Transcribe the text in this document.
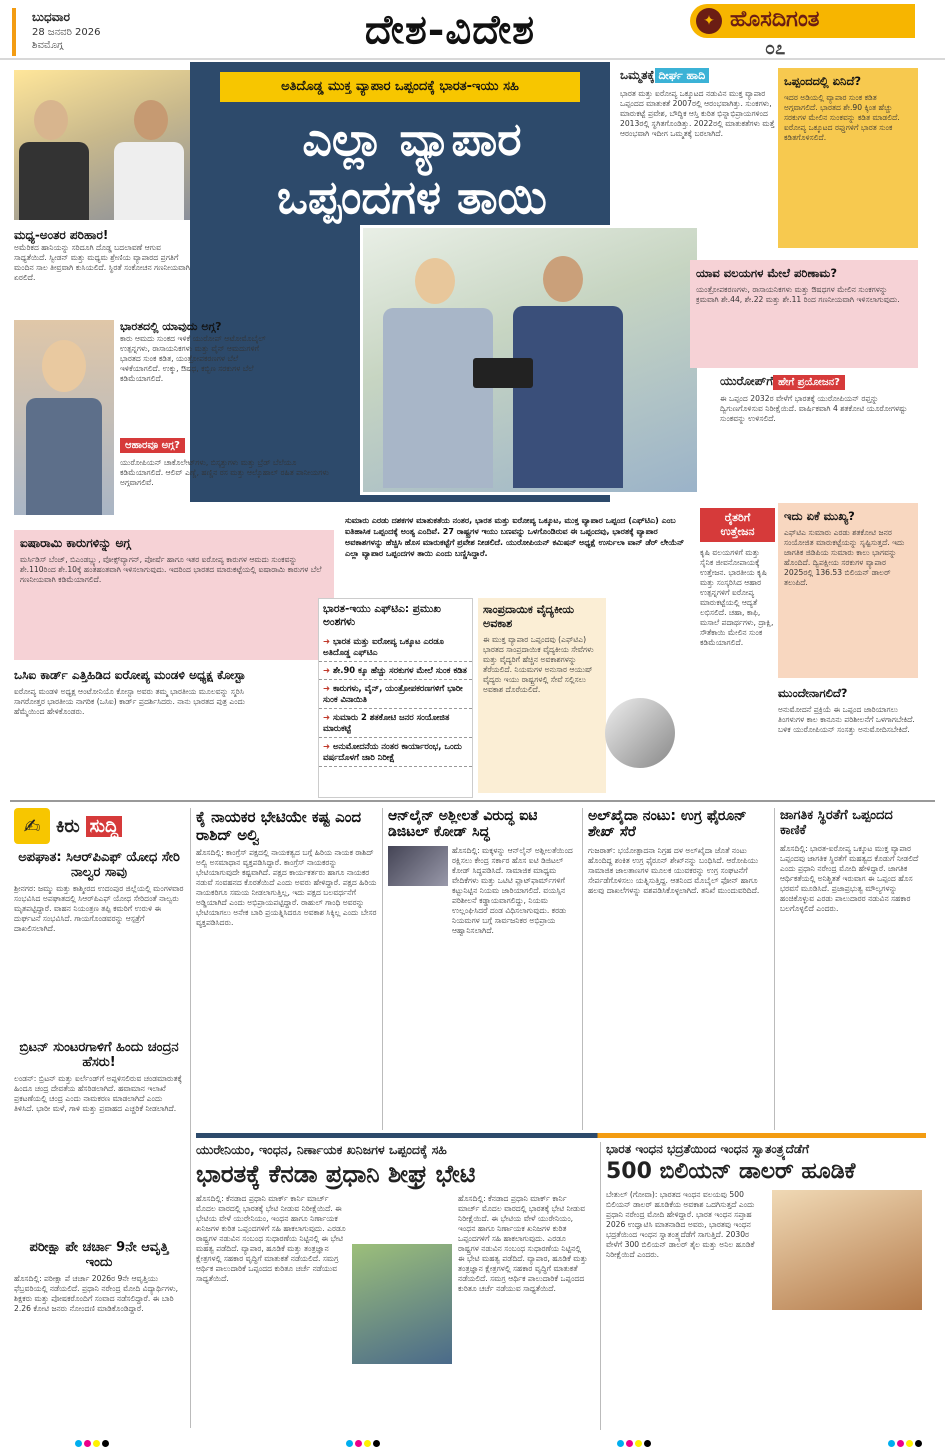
ಬುಧವಾರ
28 ಜನವರಿ 2026
ಶಿವಮೊಗ್ಗ	ದೇಶ-ವಿದೇಶ	✦ ಹೊಸದಿಗಂತ
೦೭
ಅತಿದೊಡ್ಡ ಮುಕ್ತ ವ್ಯಾಪಾರ ಒಪ್ಪಂದಕ್ಕೆ ಭಾರತ-ಇಯು ಸಹಿ
ಎಲ್ಲಾ ವ್ಯಾಪಾರ
ಒಪ್ಪಂದಗಳ ತಾಯಿ
ಸುಮಾರು ಎರಡು ದಶಕಗಳ ಮಾತುಕತೆಯ ನಂತರ, ಭಾರತ ಮತ್ತು ಐರೋಪ್ಯ ಒಕ್ಕೂಟ, ಮುಕ್ತ ವ್ಯಾಪಾರ ಒಪ್ಪಂದ (ಎಫ್‌ಟಿಎ) ಎಂಬ ಐತಿಹಾಸಿಕ ಒಪ್ಪಂದಕ್ಕೆ ಅಂತ್ಯ ಎಂದಿವೆ. 27 ರಾಷ್ಟ್ರಗಳ ಇಯು ಬಣವನ್ನು ಒಳಗೊಂಡಿರುವ ಈ ಒಪ್ಪಂದವು, ಭಾರತಕ್ಕೆ ವ್ಯಾಪಾರ ಅವಕಾಶಗಳನ್ನು ಹೆಚ್ಚಿಸಿ ಹೊಸ ಮಾರುಕಟ್ಟೆಗೆ ಪ್ರವೇಶ ನೀಡಲಿದೆ. ಯುರೋಪಿಯನ್ ಕಮಿಷನ್ ಅಧ್ಯಕ್ಷೆ ಉರ್ಸುಲಾ ವಾನ್ ಡೆರ್ ಲೇಯೆನ್ ಎಲ್ಲಾ ವ್ಯಾಪಾರ ಒಪ್ಪಂದಗಳ ತಾಯಿ ಎಂದು ಬಣ್ಣಿಸಿದ್ದಾರೆ.
ಮಧ್ಯ-ಅಂತರ ಪರಿಹಾರ!
ಅಮೆರಿಕದ ಹಾನಿಯನ್ನು ಸರಿದೂಗಿ ದೊಡ್ಡ ಬದಲಾವಣೆ ಆಗುವ ಸಾಧ್ಯತೆಯಿದೆ. ಸ್ವೀಡನ್ ಮತ್ತು ಮಧ್ಯಮ ಶ್ರೇಣಿಯ ವ್ಯಾಪಾರದ ಪ್ರಗತಿಗೆ ಮಂದಿನ ಸಾಲ ತೀವ್ರವಾಗಿ ಕುಸಿಯಲಿದೆ. ಸ್ಥಿರತೆ ಸಂಕೋಚನ ಗಣನೀಯವಾಗಿ ಏರಲಿದೆ.
ಭಾರತದಲ್ಲಿ ಯಾವುದು ಅಗ್ಗ?
ಕಾರು ಆಮದು ಸುಂಕದ ಇಳಿಕೆ ಯುರೋಪ್ ಆಟೋಮೊಬೈಲ್ ಉತ್ಪನ್ನಗಳು, ರಾಸಾಯನಿಕಗಳು ಮತ್ತು ವೈನ್ ಆಮದುಗಳಿಗೆ ಭಾರತದ ಸುಂಕ ಕಡಿತ, ಯಂತ್ರೋಪಕರಣಗಳ ಬೆಲೆ ಇಳಿಕೆಯಾಗಲಿದೆ. ಉಕ್ಕು, ಔಷಧ, ಕಬ್ಬಿಣ ಸರಕುಗಳ ಬೆಲೆ ಕಡಿಮೆಯಾಗಲಿದೆ.
ಆಹಾರವೂ ಅಗ್ಗ?
ಯುರೋಪಿಯನ್ ಚಾಕೊಲೇಟ್‌ಗಳು, ಬಿಸ್ಕತ್ತುಗಳು ಮತ್ತು ಬ್ರೆಡ್ ಬೆಲೆಯೂ ಕಡಿಮೆಯಾಗಲಿದೆ. ಆಲಿವ್ ಎಣ್ಣೆ, ಹಣ್ಣಿನ ರಸ ಮತ್ತು ಆಲ್ಕೊಹಾಲ್ ರಹಿತ ಪಾನೀಯಗಳು ಅಗ್ಗವಾಗಲಿವೆ.
ಐಷಾರಾಮಿ ಕಾರುಗಳಿನ್ನು ಅಗ್ಗ
ಮರ್ಸಿಡಿಸ್ ಬೆಂಜ್, ಬಿಎಂಡಬ್ಲ್ಯು, ವೋಕ್ಸ್‌ವ್ಯಾಗನ್, ಪೋರ್ಷೆ ಹಾಗೂ ಇತರ ಐರೋಪ್ಯ ಕಾರುಗಳ ಆಮದು ಸುಂಕವನ್ನು ಶೇ.110ರಿಂದ ಶೇ.10ಕ್ಕೆ ಹಂತಹಂತವಾಗಿ ಇಳಿಸಲಾಗುವುದು. ಇದರಿಂದ ಭಾರತದ ಮಾರುಕಟ್ಟೆಯಲ್ಲಿ ಐಷಾರಾಮಿ ಕಾರುಗಳ ಬೆಲೆ ಗಣನೀಯವಾಗಿ ಕಡಿಮೆಯಾಗಲಿದೆ.
ಒಸಿಐ ಕಾರ್ಡ್ ಎತ್ತಿಹಿಡಿದ ಐರೋಪ್ಯ ಮಂಡಳಿ ಅಧ್ಯಕ್ಷ ಕೋಸ್ಟಾ
ಐರೋಪ್ಯ ಮಂಡಳಿ ಅಧ್ಯಕ್ಷ ಆಂಟೋನಿಯೊ ಕೋಸ್ಟಾ ಅವರು ತಮ್ಮ ಭಾರತೀಯ ಮೂಲವನ್ನು ಸ್ಮರಿಸಿ ಸಾಗರೋತ್ತರ ಭಾರತೀಯ ನಾಗರಿಕ (ಒಸಿಐ) ಕಾರ್ಡ್ ಪ್ರದರ್ಶಿಸಿದರು. ನಾನು ಭಾರತದ ಪುತ್ರ ಎಂದು ಹೆಮ್ಮೆಯಿಂದ ಹೇಳಿಕೊಂಡರು.
ಭಾರತ-ಇಯು ಎಫ್‌ಟಿಎ: ಪ್ರಮುಖ ಅಂಶಗಳು
➜ ಭಾರತ ಮತ್ತು ಐರೋಪ್ಯ ಒಕ್ಕೂಟ ಎರಡೂ ಅತಿದೊಡ್ಡ ಎಫ್‌ಟಿಎ
➜ ಶೇ.90 ಕ್ಕೂ ಹೆಚ್ಚು ಸರಕುಗಳ ಮೇಲೆ ಸುಂಕ ಕಡಿತ
➜ ಕಾರುಗಳು, ವೈನ್, ಯಂತ್ರೋಪಕರಣಗಳಿಗೆ ಭಾರೀ ಸುಂಕ ವಿನಾಯಿತಿ
➜ ಸುಮಾರು 2 ಶತಕೋಟಿ ಜನರ ಸಂಯೋಜಿತ ಮಾರುಕಟ್ಟೆ
➜ ಅನುಮೋದನೆಯ ನಂತರ ಕಾರ್ಯಾರಂಭ, ಒಂದು ವರ್ಷದೊಳಗೆ ಜಾರಿ ನಿರೀಕ್ಷೆ
ಸಾಂಪ್ರದಾಯಿಕ ವೈದ್ಯಕೀಯ ಅವಕಾಶ
ಈ ಮುಕ್ತ ವ್ಯಾಪಾರ ಒಪ್ಪಂದವು (ಎಫ್‌ಟಿಎ) ಭಾರತದ ಸಾಂಪ್ರದಾಯಿಕ ವೈದ್ಯಕೀಯ ಸೇವೆಗಳು ಮತ್ತು ವೈದ್ಯರಿಗೆ ಹೆಚ್ಚಿನ ಅವಕಾಶಗಳನ್ನು ತೆರೆಯಲಿದೆ. ನಿಯಮಗಳ ಅನುಸಾರ ಆಯುಷ್ ವೈದ್ಯರು ಇಯು ರಾಷ್ಟ್ರಗಳಲ್ಲಿ ಸೇವೆ ಸಲ್ಲಿಸಲು ಅವಕಾಶ ದೊರೆಯಲಿದೆ.
ರೈತರಿಗೆ
ಉತ್ತೇಜನ
ಕೃಷಿ ವಲಯಗಳಿಗೆ ಮತ್ತು ಸೈನಿಕ ಜೀವನೋಪಾಯಕ್ಕೆ ಉತ್ತೇಜನ. ಭಾರತೀಯ ಕೃಷಿ ಮತ್ತು ಸಂಸ್ಕರಿಸಿದ ಆಹಾರ ಉತ್ಪನ್ನಗಳಿಗೆ ಐರೋಪ್ಯ ಮಾರುಕಟ್ಟೆಯಲ್ಲಿ ಆದ್ಯತೆ ಲಭಿಸಲಿದೆ. ಚಹಾ, ಕಾಫಿ, ಮಸಾಲೆ ಪದಾರ್ಥಗಳು, ದ್ರಾಕ್ಷಿ, ಸೌತೆಕಾಯಿ ಮೇಲಿನ ಸುಂಕ ಕಡಿಮೆಯಾಗಲಿದೆ.
ಒಮ್ಮತಕ್ಕೆ ದೀರ್ಘ ಹಾದಿ
ಭಾರತ ಮತ್ತು ಐರೋಪ್ಯ ಒಕ್ಕೂಟದ ನಡುವಿನ ಮುಕ್ತ ವ್ಯಾಪಾರ ಒಪ್ಪಂದದ ಮಾತುಕತೆ 2007ರಲ್ಲಿ ಆರಂಭವಾಗಿತ್ತು. ಸುಂಕಗಳು, ಮಾರುಕಟ್ಟೆ ಪ್ರವೇಶ, ಬೌದ್ಧಿಕ ಆಸ್ತಿ ಕುರಿತ ಭಿನ್ನಾಭಿಪ್ರಾಯಗಳಿಂದ 2013ರಲ್ಲಿ ಸ್ಥಗಿತಗೊಂಡಿತ್ತು. 2022ರಲ್ಲಿ ಮಾತುಕತೆಗಳು ಮತ್ತೆ ಆರಂಭವಾಗಿ ಇದೀಗ ಒಮ್ಮತಕ್ಕೆ ಬರಲಾಗಿದೆ.
ಒಪ್ಪಂದದಲ್ಲಿ ಏನಿದೆ?
ಇದರ ಅಡಿಯಲ್ಲಿ ವ್ಯಾಪಾರ ಸುಂಕ ಕಡಿತ ಅಗ್ಗವಾಗಲಿದೆ. ಭಾರತದ ಶೇ.90 ಕ್ಕಿಂತ ಹೆಚ್ಚು ಸರಕುಗಳ ಮೇಲಿನ ಸುಂಕವನ್ನು ಕಡಿತ ಮಾಡಲಿದೆ. ಐರೋಪ್ಯ ಒಕ್ಕೂಟದ ರಫ್ತುಗಳಿಗೆ ಭಾರತ ಸುಂಕ ಕಡಿತಗೊಳಿಸಲಿದೆ.
ಯಾವ ವಲಯಗಳ ಮೇಲೆ ಪರಿಣಾಮ?
ಯಂತ್ರೋಪಕರಣಗಳು, ರಾಸಾಯನಿಕಗಳು ಮತ್ತು ಔಷಧಗಳ ಮೇಲಿನ ಸುಂಕಗಳನ್ನು ಕ್ರಮವಾಗಿ ಶೇ.44, ಶೇ.22 ಮತ್ತು ಶೇ.11 ರಿಂದ ಗಣನೀಯವಾಗಿ ಇಳಿಸಲಾಗುವುದು.
ಯುರೋಪ್‌ಗೆ ಹೇಗೆ ಪ್ರಯೋಜನ?
ಈ ಒಪ್ಪಂದ 2032ರ ವೇಳೆಗೆ ಭಾರತಕ್ಕೆ ಯುರೋಪಿಯನ್ ರಫ್ತನ್ನು ದ್ವಿಗುಣಗೊಳಿಸುವ ನಿರೀಕ್ಷೆಯಿದೆ. ವಾರ್ಷಿಕವಾಗಿ 4 ಶತಕೋಟಿ ಯೂರೋಗಳಷ್ಟು ಸುಂಕವನ್ನು ಉಳಿಸಲಿದೆ.
ಇದು ಏಕೆ ಮುಖ್ಯ?
ಎಫ್‌ಟಿಎ ಸುಮಾರು ಎರಡು ಶತಕೋಟಿ ಜನರ ಸಂಯೋಜಿತ ಮಾರುಕಟ್ಟೆಯನ್ನು ಸೃಷ್ಟಿಸುತ್ತದೆ. ಇದು ಜಾಗತಿಕ ಜಿಡಿಪಿಯ ಸುಮಾರು ಕಾಲು ಭಾಗವನ್ನು ಹೊಂದಿದೆ. ದ್ವಿಪಕ್ಷೀಯ ಸರಕುಗಳ ವ್ಯಾಪಾರ 2025ರಲ್ಲಿ 136.53 ಬಿಲಿಯನ್ ಡಾಲರ್ ತಲುಪಿದೆ.
ಮುಂದೇನಾಗಲಿದೆ?
ಅನುಮೋದನೆ ಪ್ರಕ್ರಿಯೆ ಈ ಒಪ್ಪಂದ ಜಾರಿಯಾಗಲು ತಿಂಗಳುಗಳ ಕಾಲ ಕಾನೂನು ಪರಿಶೀಲನೆಗೆ ಒಳಗಾಗಬೇಕಿದೆ. ಬಳಿಕ ಯುರೋಪಿಯನ್ ಸಂಸತ್ತು ಅನುಮೋದಿಸಬೇಕಿದೆ.
✍ ಕಿರು ಸುದ್ದಿ
ಅಪಘಾತ: ಸಿಆರ್‌ಪಿಎಫ್ ಯೋಧ ಸೇರಿ ನಾಲ್ವರ ಸಾವು
ಶ್ರೀನಗರ: ಜಮ್ಮು ಮತ್ತು ಕಾಶ್ಮೀರದ ಉದಂಪುರ ಜಿಲ್ಲೆಯಲ್ಲಿ ಮಂಗಳವಾರ ಸಂಭವಿಸಿದ ಅಪಘಾತದಲ್ಲಿ ಸಿಆರ್‌ಪಿಎಫ್ ಯೋಧ ಸೇರಿದಂತೆ ನಾಲ್ವರು ಮೃತಪಟ್ಟಿದ್ದಾರೆ. ವಾಹನ ನಿಯಂತ್ರಣ ತಪ್ಪಿ ಕಮರಿಗೆ ಉರುಳಿ ಈ ದುರ್ಘಟನೆ ಸಂಭವಿಸಿದೆ. ಗಾಯಗೊಂಡವರನ್ನು ಆಸ್ಪತ್ರೆಗೆ ದಾಖಲಿಸಲಾಗಿದೆ.
ಬ್ರಿಟನ್ ಸುಂಟರಗಾಳಿಗೆ ಹಿಂದು ಚಂದ್ರನ ಹೆಸರು!
ಲಂಡನ್: ಬ್ರಿಟನ್ ಮತ್ತು ಐರ್ಲೆಂಡ್‌ಗೆ ಅಪ್ಪಳಿಸಲಿರುವ ಚಂಡಮಾರುತಕ್ಕೆ ಹಿಂದೂ ಚಂದ್ರ ದೇವತೆಯ ಹೆಸರಿಡಲಾಗಿದೆ. ಹವಾಮಾನ ಇಲಾಖೆ ಪ್ರಕಟಣೆಯಲ್ಲಿ ಚಂದ್ರ ಎಂದು ನಾಮಕರಣ ಮಾಡಲಾಗಿದೆ ಎಂದು ತಿಳಿಸಿದೆ. ಭಾರೀ ಮಳೆ, ಗಾಳಿ ಮತ್ತು ಪ್ರವಾಹದ ಎಚ್ಚರಿಕೆ ನೀಡಲಾಗಿದೆ.
ಪರೀಕ್ಷಾ ಪೇ ಚರ್ಚಾ 9ನೇ ಆವೃತ್ತಿ ಇಂದು
ಹೊಸದಿಲ್ಲಿ: ಪರೀಕ್ಷಾ ಪೆ ಚರ್ಚಾ 2026ರ 9ನೇ ಆವೃತ್ತಿಯು ಫೆಬ್ರವರಿಯಲ್ಲಿ ನಡೆಯಲಿದೆ. ಪ್ರಧಾನಿ ನರೇಂದ್ರ ಮೋದಿ ವಿದ್ಯಾರ್ಥಿಗಳು, ಶಿಕ್ಷಕರು ಮತ್ತು ಪೋಷಕರೊಂದಿಗೆ ಸಂವಾದ ನಡೆಸಲಿದ್ದಾರೆ. ಈ ಬಾರಿ 2.26 ಕೋಟಿ ಜನರು ನೋಂದಣಿ ಮಾಡಿಕೊಂಡಿದ್ದಾರೆ.
ಕೈ ನಾಯಕರ ಭೇಟಿಯೇ ಕಷ್ಟ ಎಂದ ರಾಶಿದ್ ಅಲ್ವಿ
ಹೊಸದಿಲ್ಲಿ: ಕಾಂಗ್ರೆಸ್ ಪಕ್ಷದಲ್ಲಿ ನಾಯಕತ್ವದ ಬಗ್ಗೆ ಹಿರಿಯ ನಾಯಕ ರಾಶಿದ್ ಅಲ್ವಿ ಅಸಮಾಧಾನ ವ್ಯಕ್ತಪಡಿಸಿದ್ದಾರೆ. ಕಾಂಗ್ರೆಸ್ ನಾಯಕರನ್ನು ಭೇಟಿಯಾಗುವುದೇ ಕಷ್ಟವಾಗಿದೆ. ಪಕ್ಷದ ಕಾರ್ಯಕರ್ತರು ಹಾಗೂ ನಾಯಕರ ನಡುವೆ ಸಂವಹನದ ಕೊರತೆಯಿದೆ ಎಂದು ಅವರು ಹೇಳಿದ್ದಾರೆ. ಪಕ್ಷದ ಹಿರಿಯ ನಾಯಕರಿಗೂ ಸಮಯ ನೀಡಲಾಗುತ್ತಿಲ್ಲ, ಇದು ಪಕ್ಷದ ಬಲವರ್ಧನೆಗೆ ಅಡ್ಡಿಯಾಗಿದೆ ಎಂದು ಅಭಿಪ್ರಾಯಪಟ್ಟಿದ್ದಾರೆ. ರಾಹುಲ್ ಗಾಂಧಿ ಅವರನ್ನು ಭೇಟಿಯಾಗಲು ಅನೇಕ ಬಾರಿ ಪ್ರಯತ್ನಿಸಿದರೂ ಅವಕಾಶ ಸಿಕ್ಕಿಲ್ಲ ಎಂದು ಬೇಸರ ವ್ಯಕ್ತಪಡಿಸಿದರು.
ಆನ್‌ಲೈನ್ ಅಶ್ಲೀಲತೆ ವಿರುದ್ಧ ಐಟಿ ಡಿಜಿಟಲ್ ಕೋಡ್ ಸಿದ್ಧ
ಹೊಸದಿಲ್ಲಿ: ಮಕ್ಕಳನ್ನು ಆನ್‌ಲೈನ್ ಅಶ್ಲೀಲತೆಯಿಂದ ರಕ್ಷಿಸಲು ಕೇಂದ್ರ ಸರ್ಕಾರ ಹೊಸ ಐಟಿ ಡಿಜಿಟಲ್ ಕೋಡ್ ಸಿದ್ಧಪಡಿಸಿದೆ. ಸಾಮಾಜಿಕ ಮಾಧ್ಯಮ ವೇದಿಕೆಗಳು ಮತ್ತು ಒಟಿಟಿ ಪ್ಲಾಟ್‌ಫಾರ್ಮ್‌ಗಳಿಗೆ ಕಟ್ಟುನಿಟ್ಟಿನ ನಿಯಮ ಜಾರಿಯಾಗಲಿದೆ. ವಯಸ್ಸಿನ ಪರಿಶೀಲನೆ ಕಡ್ಡಾಯವಾಗಲಿದ್ದು, ನಿಯಮ ಉಲ್ಲಂಘಿಸಿದರೆ ದಂಡ ವಿಧಿಸಲಾಗುವುದು. ಕರಡು ನಿಯಮಗಳ ಬಗ್ಗೆ ಸಾರ್ವಜನಿಕರ ಅಭಿಪ್ರಾಯ ಆಹ್ವಾನಿಸಲಾಗಿದೆ.
ಅಲ್‌ಖೈದಾ ನಂಟು: ಉಗ್ರ ಫೈರೂನ್ ಶೇಖ್ ಸೆರೆ
ಗುಜರಾತ್: ಭಯೋತ್ಪಾದನಾ ನಿಗ್ರಹ ದಳ ಅಲ್‌ಖೈದಾ ಜೊತೆ ನಂಟು ಹೊಂದಿದ್ದ ಶಂಕಿತ ಉಗ್ರ ಫೈರೂನ್ ಶೇಖ್‌ನನ್ನು ಬಂಧಿಸಿದೆ. ಆರೋಪಿಯು ಸಾಮಾಜಿಕ ಜಾಲತಾಣಗಳ ಮೂಲಕ ಯುವಕರನ್ನು ಉಗ್ರ ಸಂಘಟನೆಗೆ ಸೇರ್ಪಡೆಗೊಳಿಸಲು ಯತ್ನಿಸುತ್ತಿದ್ದ. ಆತನಿಂದ ಮೊಬೈಲ್ ಫೋನ್ ಹಾಗೂ ಹಲವು ದಾಖಲೆಗಳನ್ನು ವಶಪಡಿಸಿಕೊಳ್ಳಲಾಗಿದೆ. ತನಿಖೆ ಮುಂದುವರಿದಿದೆ.
ಜಾಗತಿಕ ಸ್ಥಿರತೆಗೆ ಒಪ್ಪಂದದ ಕಾಣಿಕೆ
ಹೊಸದಿಲ್ಲಿ: ಭಾರತ-ಐರೋಪ್ಯ ಒಕ್ಕೂಟ ಮುಕ್ತ ವ್ಯಾಪಾರ ಒಪ್ಪಂದವು ಜಾಗತಿಕ ಸ್ಥಿರತೆಗೆ ಮಹತ್ವದ ಕೊಡುಗೆ ನೀಡಲಿದೆ ಎಂದು ಪ್ರಧಾನಿ ನರೇಂದ್ರ ಮೋದಿ ಹೇಳಿದ್ದಾರೆ. ಜಾಗತಿಕ ಆರ್ಥಿಕತೆಯಲ್ಲಿ ಅನಿಶ್ಚಿತತೆ ಇರುವಾಗ ಈ ಒಪ್ಪಂದ ಹೊಸ ಭರವಸೆ ಮೂಡಿಸಿದೆ. ಪ್ರಜಾಪ್ರಭುತ್ವ ಮೌಲ್ಯಗಳನ್ನು ಹಂಚಿಕೊಳ್ಳುವ ಎರಡು ಪಾಲುದಾರರ ನಡುವಿನ ಸಹಕಾರ ಬಲಗೊಳ್ಳಲಿದೆ ಎಂದರು.
ಯುರೇನಿಯಂ, ಇಂಧನ, ನಿರ್ಣಾಯಕ ಖನಿಜಗಳ ಒಪ್ಪಂದಕ್ಕೆ ಸಹಿ
ಭಾರತಕ್ಕೆ ಕೆನಡಾ ಪ್ರಧಾನಿ ಶೀಘ್ರ ಭೇಟಿ
ಹೊಸದಿಲ್ಲಿ: ಕೆನಡಾದ ಪ್ರಧಾನಿ ಮಾರ್ಕ್ ಕಾರ್ನಿ ಮಾರ್ಚ್ ಮೊದಲ ವಾರದಲ್ಲಿ ಭಾರತಕ್ಕೆ ಭೇಟಿ ನೀಡುವ ನಿರೀಕ್ಷೆಯಿದೆ. ಈ ಭೇಟಿಯ ವೇಳೆ ಯುರೇನಿಯಂ, ಇಂಧನ ಹಾಗೂ ನಿರ್ಣಾಯಕ ಖನಿಜಗಳ ಕುರಿತ ಒಪ್ಪಂದಗಳಿಗೆ ಸಹಿ ಹಾಕಲಾಗುವುದು. ಎರಡೂ ರಾಷ್ಟ್ರಗಳ ನಡುವಿನ ಸಂಬಂಧ ಸುಧಾರಣೆಯ ನಿಟ್ಟಿನಲ್ಲಿ ಈ ಭೇಟಿ ಮಹತ್ವ ಪಡೆದಿದೆ. ವ್ಯಾಪಾರ, ಹೂಡಿಕೆ ಮತ್ತು ತಂತ್ರಜ್ಞಾನ ಕ್ಷೇತ್ರಗಳಲ್ಲಿ ಸಹಕಾರ ವೃದ್ಧಿಗೆ ಮಾತುಕತೆ ನಡೆಯಲಿದೆ. ಸಮಗ್ರ ಆರ್ಥಿಕ ಪಾಲುದಾರಿಕೆ ಒಪ್ಪಂದದ ಕುರಿತೂ ಚರ್ಚೆ ನಡೆಯುವ ಸಾಧ್ಯತೆಯಿದೆ.
ಹೊಸದಿಲ್ಲಿ: ಕೆನಡಾದ ಪ್ರಧಾನಿ ಮಾರ್ಕ್ ಕಾರ್ನಿ ಮಾರ್ಚ್ ಮೊದಲ ವಾರದಲ್ಲಿ ಭಾರತಕ್ಕೆ ಭೇಟಿ ನೀಡುವ ನಿರೀಕ್ಷೆಯಿದೆ. ಈ ಭೇಟಿಯ ವೇಳೆ ಯುರೇನಿಯಂ, ಇಂಧನ ಹಾಗೂ ನಿರ್ಣಾಯಕ ಖನಿಜಗಳ ಕುರಿತ ಒಪ್ಪಂದಗಳಿಗೆ ಸಹಿ ಹಾಕಲಾಗುವುದು. ಎರಡೂ ರಾಷ್ಟ್ರಗಳ ನಡುವಿನ ಸಂಬಂಧ ಸುಧಾರಣೆಯ ನಿಟ್ಟಿನಲ್ಲಿ ಈ ಭೇಟಿ ಮಹತ್ವ ಪಡೆದಿದೆ. ವ್ಯಾಪಾರ, ಹೂಡಿಕೆ ಮತ್ತು ತಂತ್ರಜ್ಞಾನ ಕ್ಷೇತ್ರಗಳಲ್ಲಿ ಸಹಕಾರ ವೃದ್ಧಿಗೆ ಮಾತುಕತೆ ನಡೆಯಲಿದೆ. ಸಮಗ್ರ ಆರ್ಥಿಕ ಪಾಲುದಾರಿಕೆ ಒಪ್ಪಂದದ ಕುರಿತೂ ಚರ್ಚೆ ನಡೆಯುವ ಸಾಧ್ಯತೆಯಿದೆ.
ಭಾರತ ಇಂಧನ ಭದ್ರತೆಯಿಂದ ಇಂಧನ ಸ್ವಾತಂತ್ರ್ಯದೆಡೆಗೆ
500 ಬಿಲಿಯನ್ ಡಾಲರ್ ಹೂಡಿಕೆ
ಬೇತುಲ್ (ಗೋವಾ): ಭಾರತದ ಇಂಧನ ವಲಯವು 500 ಬಿಲಿಯನ್ ಡಾಲರ್ ಹೂಡಿಕೆಯ ಅವಕಾಶ ಒದಗಿಸುತ್ತದೆ ಎಂದು ಪ್ರಧಾನಿ ನರೇಂದ್ರ ಮೋದಿ ಹೇಳಿದ್ದಾರೆ. ಭಾರತ ಇಂಧನ ಸಪ್ತಾಹ 2026 ಉದ್ಘಾಟಿಸಿ ಮಾತನಾಡಿದ ಅವರು, ಭಾರತವು ಇಂಧನ ಭದ್ರತೆಯಿಂದ ಇಂಧನ ಸ್ವಾತಂತ್ರ್ಯದೆಡೆಗೆ ಸಾಗುತ್ತಿದೆ. 2030ರ ವೇಳೆಗೆ 300 ಬಿಲಿಯನ್ ಡಾಲರ್ ತೈಲ ಮತ್ತು ಅನಿಲ ಹೂಡಿಕೆ ನಿರೀಕ್ಷೆಯಿದೆ ಎಂದರು.
